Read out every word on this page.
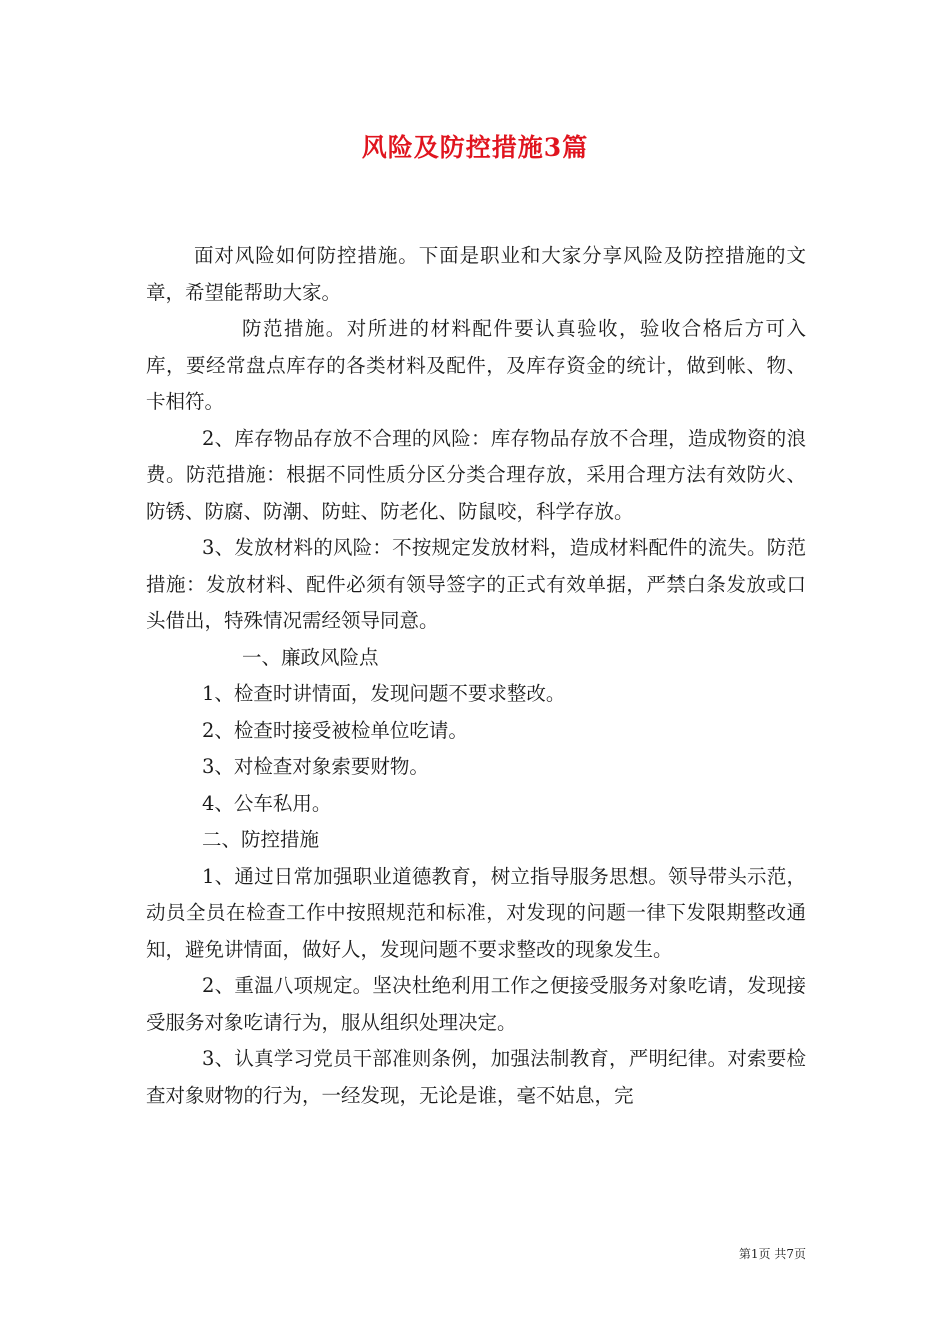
风险及防控措施3篇

面对风险如何防控措施。下面是职业和大家分享风险及防控措施的文章，希望能帮助大家。

防范措施。对所进的材料配件要认真验收，验收合格后方可入库，要经常盘点库存的各类材料及配件，及库存资金的统计，做到帐、物、卡相符。

2、库存物品存放不合理的风险：库存物品存放不合理，造成物资的浪费。防范措施：根据不同性质分区分类合理存放，采用合理方法有效防火、防锈、防腐、防潮、防蛀、防老化、防鼠咬，科学存放。

3、发放材料的风险：不按规定发放材料，造成材料配件的流失。防范措施：发放材料、配件必须有领导签字的正式有效单据，严禁白条发放或口头借出，特殊情况需经领导同意。

一、廉政风险点

1、检查时讲情面，发现问题不要求整改。

2、检查时接受被检单位吃请。

3、对检查对象索要财物。

4、公车私用。

二、防控措施

1、通过日常加强职业道德教育，树立指导服务思想。领导带头示范，动员全员在检查工作中按照规范和标准，对发现的问题一律下发限期整改通知，避免讲情面，做好人，发现问题不要求整改的现象发生。

2、重温八项规定。坚决杜绝利用工作之便接受服务对象吃请，发现接受服务对象吃请行为，服从组织处理决定。

3、认真学习党员干部准则条例，加强法制教育，严明纪律。对索要检查对象财物的行为，一经发现，无论是谁，毫不姑息，完

第1页 共7页
